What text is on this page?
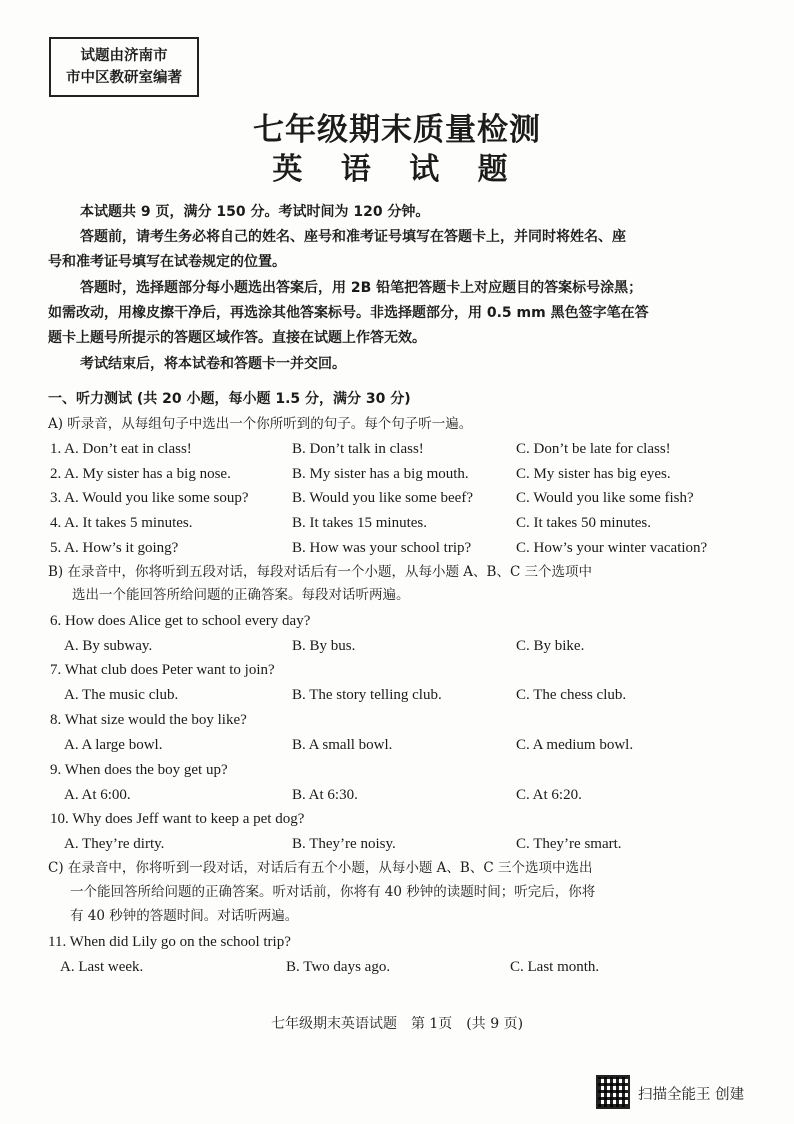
试题由济南市
市中区教研室编著
七年级期末质量检测
英 语 试 题
本试题共 9 页，满分 150 分。考试时间为 120 分钟。
答题前，请考生务必将自己的姓名、座号和准考证号填写在答题卡上，并同时将姓名、座
号和准考证号填写在试卷规定的位置。
答题时，选择题部分每小题选出答案后，用 2B 铅笔把答题卡上对应题目的答案标号涂黑；
如需改动，用橡皮擦干净后，再选涂其他答案标号。非选择题部分，用 0.5 mm 黑色签字笔在答
题卡上题号所提示的答题区域作答。直接在试题上作答无效。
考试结束后，将本试卷和答题卡一并交回。
一、听力测试 (共 20 小题，每小题 1.5 分，满分 30 分)
A) 听录音，从每组句子中选出一个你所听到的句子。每个句子听一遍。
1. A. Don’t eat in class!	B. Don’t talk in class!	C. Don’t be late for class!
2. A. My sister has a big nose.	B. My sister has a big mouth.	C. My sister has big eyes.
3. A. Would you like some soup?	B. Would you like some beef?	C. Would you like some fish?
4. A. It takes 5 minutes.	B. It takes 15 minutes.	C. It takes 50 minutes.
5. A. How’s it going?	B. How was your school trip?	C. How’s your winter vacation?
B) 在录音中，你将听到五段对话，每段对话后有一个小题，从每小题 A、B、C 三个选项中
选出一个能回答所给问题的正确答案。每段对话听两遍。
6. How does Alice get to school every day?
A. By subway.	B. By bus.	C. By bike.
7. What club does Peter want to join?
A. The music club.	B. The story telling club.	C. The chess club.
8. What size would the boy like?
A. A large bowl.	B. A small bowl.	C. A medium bowl.
9. When does the boy get up?
A. At 6:00.	B. At 6:30.	C. At 6:20.
10. Why does Jeff want to keep a pet dog?
A. They’re dirty.	B. They’re noisy.	C. They’re smart.
C) 在录音中，你将听到一段对话，对话后有五个小题，从每小题 A、B、C 三个选项中选出
一个能回答所给问题的正确答案。听对话前，你将有 40 秒钟的读题时间；听完后，你将
有 40 秒钟的答题时间。对话听两遍。
11. When did Lily go on the school trip?
A. Last week.	B. Two days ago.	C. Last month.
七年级期末英语试题　第 1页　(共 9 页)
扫描全能王 创建
